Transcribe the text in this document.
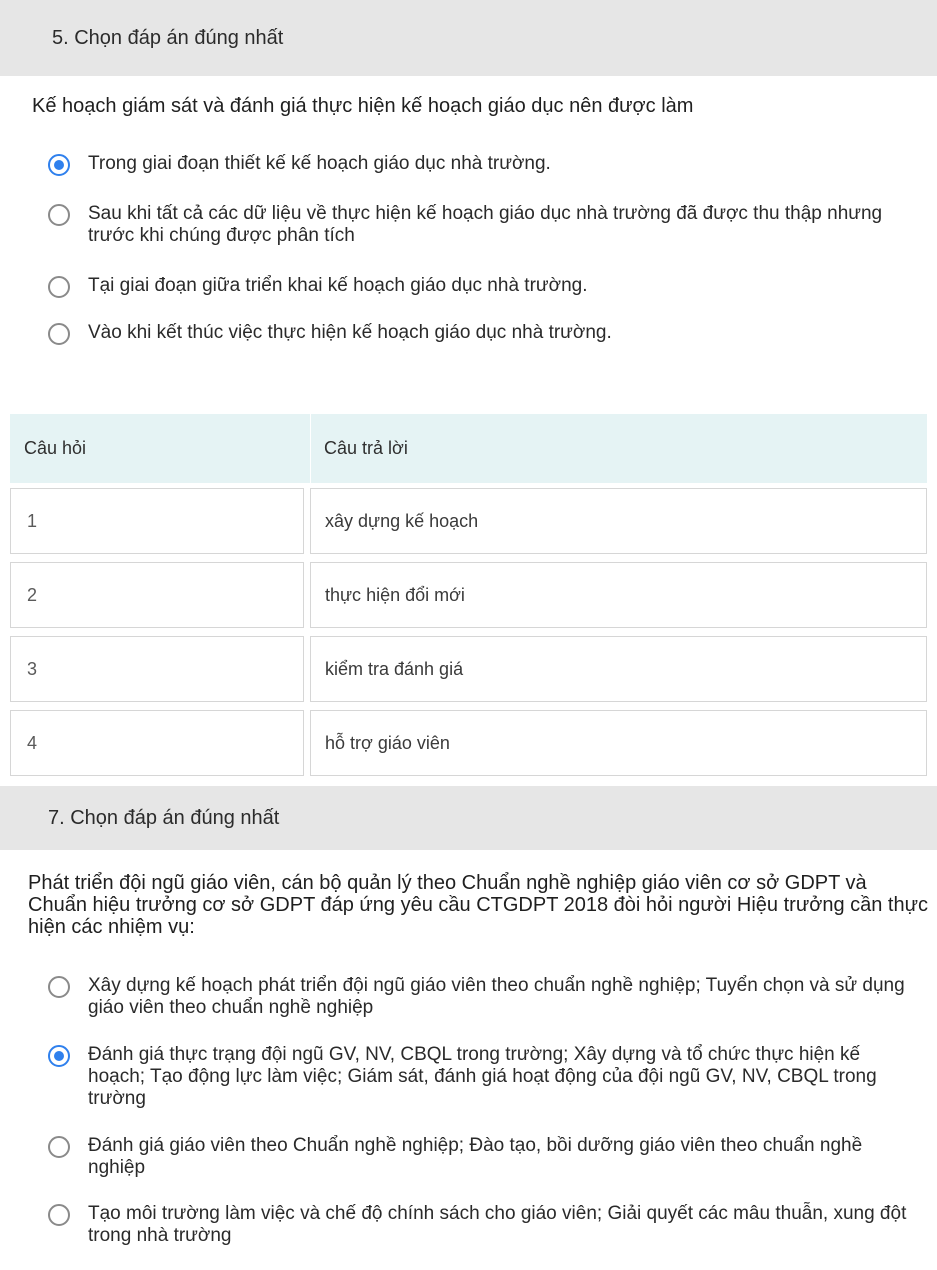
5. Chọn đáp án đúng nhất
Kế hoạch giám sát và đánh giá thực hiện kế hoạch giáo dục nên được làm
Trong giai đoạn thiết kế kế hoạch giáo dục nhà trường.
Sau khi tất cả các dữ liệu về thực hiện kế hoạch giáo dục nhà trường đã được thu thập nhưng trước khi chúng được phân tích
Tại giai đoạn giữa triển khai kế hoạch giáo dục nhà trường.
Vào khi kết thúc việc thực hiện kế hoạch giáo dục nhà trường.
Câu hỏi	Câu trả lời
1	xây dựng kế hoạch
2	thực hiện đổi mới
3	kiểm tra đánh giá
4	hỗ trợ giáo viên
7. Chọn đáp án đúng nhất
Phát triển đội ngũ giáo viên, cán bộ quản lý theo Chuẩn nghề nghiệp giáo viên cơ sở GDPT và Chuẩn hiệu trưởng cơ sở GDPT đáp ứng yêu cầu CTGDPT 2018 đòi hỏi người Hiệu trưởng cần thực hiện các nhiệm vụ:
Xây dựng kế hoạch phát triển đội ngũ giáo viên theo chuẩn nghề nghiệp; Tuyển chọn và sử dụng giáo viên theo chuẩn nghề nghiệp
Đánh giá thực trạng đội ngũ GV, NV, CBQL trong trường; Xây dựng và tổ chức thực hiện kế hoạch; Tạo động lực làm việc; Giám sát, đánh giá hoạt động của đội ngũ GV, NV, CBQL trong trường
Đánh giá giáo viên theo Chuẩn nghề nghiệp; Đào tạo, bồi dưỡng giáo viên theo chuẩn nghề nghiệp
Tạo môi trường làm việc và chế độ chính sách cho giáo viên; Giải quyết các mâu thuẫn, xung đột trong nhà trường
